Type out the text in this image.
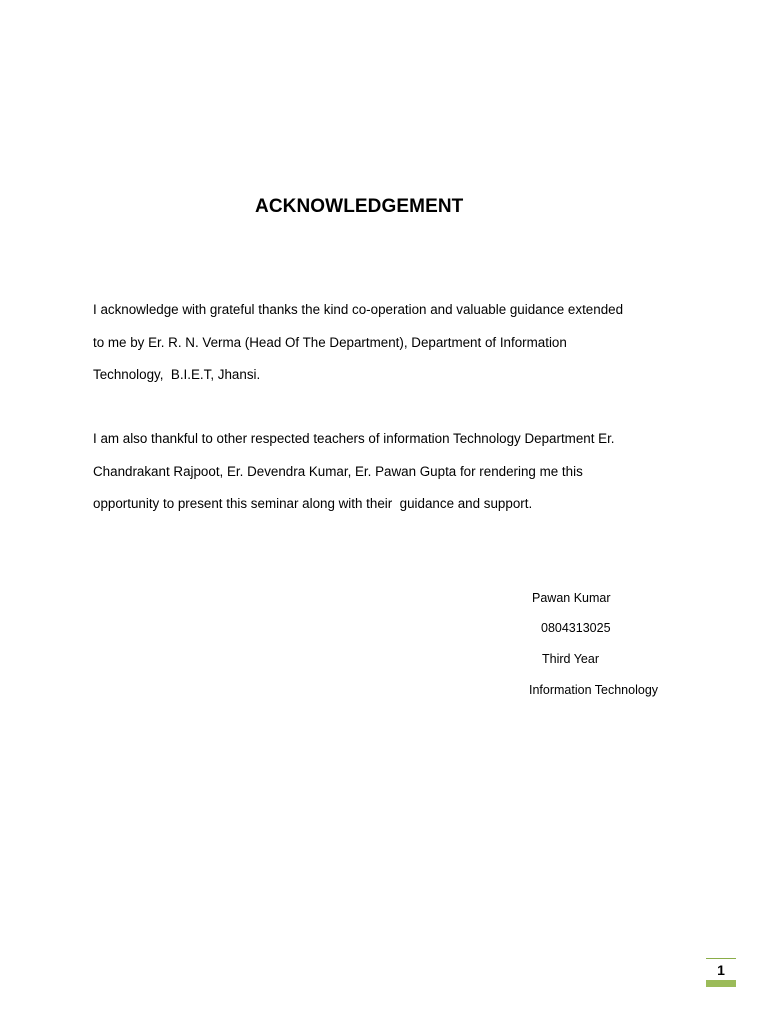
ACKNOWLEDGEMENT
I acknowledge with grateful thanks the kind co-operation and valuable guidance extended
to me by Er. R. N. Verma (Head Of The Department), Department of Information
Technology,  B.I.E.T, Jhansi.
I am also thankful to other respected teachers of information Technology Department Er.
Chandrakant Rajpoot, Er. Devendra Kumar, Er. Pawan Gupta for rendering me this
opportunity to present this seminar along with their  guidance and support.
Pawan Kumar
0804313025
Third Year
Information Technology
1
